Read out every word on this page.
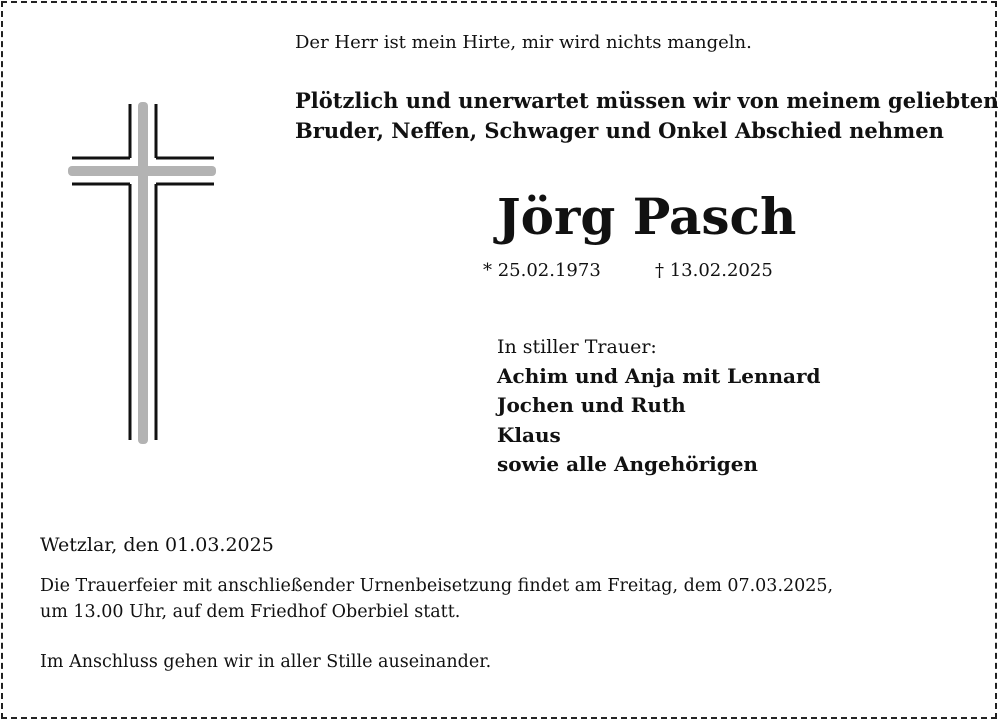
Der Herr ist mein Hirte, mir wird nichts mangeln.
Plötzlich und unerwartet müssen wir von meinem geliebten
Bruder, Neffen, Schwager und Onkel Abschied nehmen
Jörg Pasch
* 25.02.1973	† 13.02.2025
In stiller Trauer:
Achim und Anja mit Lennard
Jochen und Ruth
Klaus
sowie alle Angehörigen
Wetzlar, den 01.03.2025
Die Trauerfeier mit anschließender Urnenbeisetzung findet am Freitag, dem 07.03.2025,
um 13.00 Uhr, auf dem Friedhof Oberbiel statt.
Im Anschluss gehen wir in aller Stille auseinander.
